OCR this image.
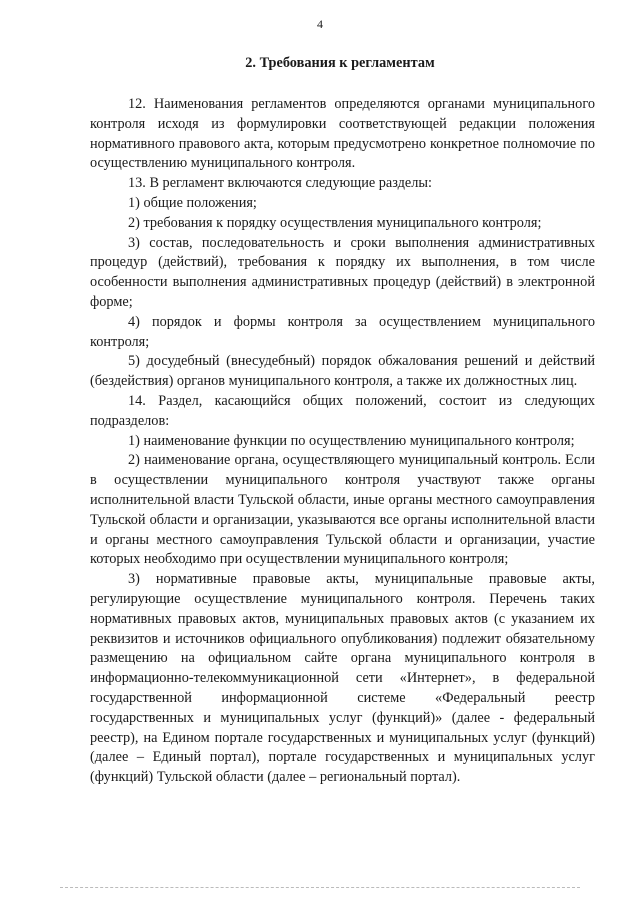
4
2. Требования к регламентам

12. Наименования регламентов определяются органами муниципального контроля исходя из формулировки соответствующей редакции положения нормативного правового акта, которым предусмотрено конкретное полномочие по осуществлению муниципального контроля.

13. В регламент включаются следующие разделы:

1) общие положения;

2) требования к порядку осуществления муниципального контроля;

3) состав, последовательность и сроки выполнения административных процедур (действий), требования к порядку их выполнения, в том числе особенности выполнения административных процедур (действий) в электронной форме;

4) порядок и формы контроля за осуществлением муниципального контроля;

5) досудебный (внесудебный) порядок обжалования решений и действий (бездействия) органов муниципального контроля, а также их должностных лиц.

14. Раздел, касающийся общих положений, состоит из следующих подразделов:

1) наименование функции по осуществлению муниципального контроля;

2) наименование органа, осуществляющего муниципальный контроль. Если в осуществлении муниципального контроля участвуют также органы исполнительной власти Тульской области, иные органы местного самоуправления Тульской области и организации, указываются все органы исполнительной власти и органы местного самоуправления Тульской области и организации, участие которых необходимо при осуществлении муниципального контроля;

3) нормативные правовые акты, муниципальные правовые акты, регулирующие осуществление муниципального контроля. Перечень таких нормативных правовых актов, муниципальных правовых актов (с указанием их реквизитов и источников официального опубликования) подлежит обязательному размещению на официальном сайте органа муниципального контроля в информационно-телекоммуникационной сети «Интернет», в федеральной государственной информационной системе «Федеральный реестр государственных и муниципальных услуг (функций)» (далее - федеральный реестр), на Едином портале государственных и муниципальных услуг (функций) (далее – Единый портал), портале государственных и муниципальных услуг (функций) Тульской области (далее – региональный портал).
